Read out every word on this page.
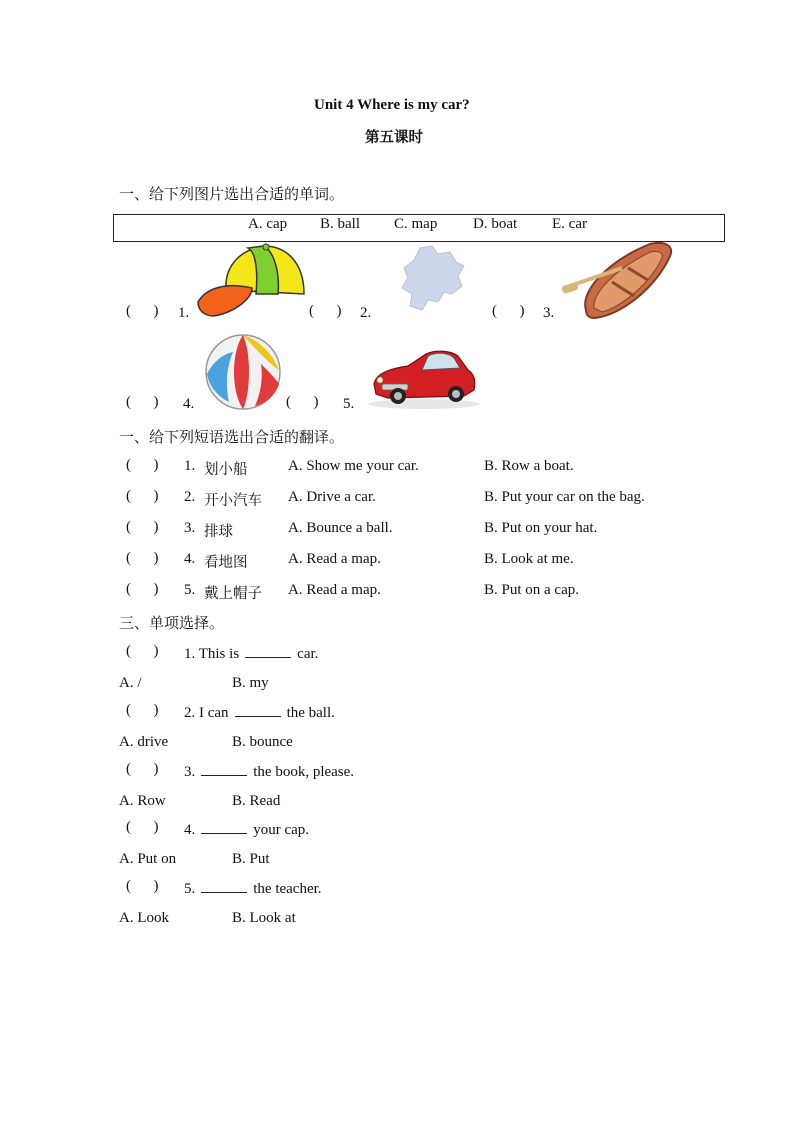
Unit 4 Where is my car?
第五课时
一、给下列图片选出合适的单词。
A. cap B. ball C. map D. boat E. car
(      ) 1.	(      ) 2.	(      ) 3.
(      ) 4.	(      ) 5.
一、给下列短语选出合适的翻译。
(      ) 1. 划小船	A. Show me your car.	B. Row a boat.
(      ) 2. 开小汽车 A. Drive a car.	B. Put your car on the bag.
(      ) 3. 排球	A. Bounce a ball.	B. Put on your hat.
(      ) 4. 看地图	A. Read a map.	B. Look at me.
(      ) 5. 戴上帽子 A. Read a map.	B. Put on a cap.
三、单项选择。
(      ) 1. This is	car.
A. /	B. my
(      ) 2. I can	the ball.
A. drive	B. bounce
(      ) 3.	the book, please.
A. Row	B. Read
(      ) 4.	your cap.
A. Put on	B. Put
(      ) 5.	the teacher.
A. Look	B. Look at
